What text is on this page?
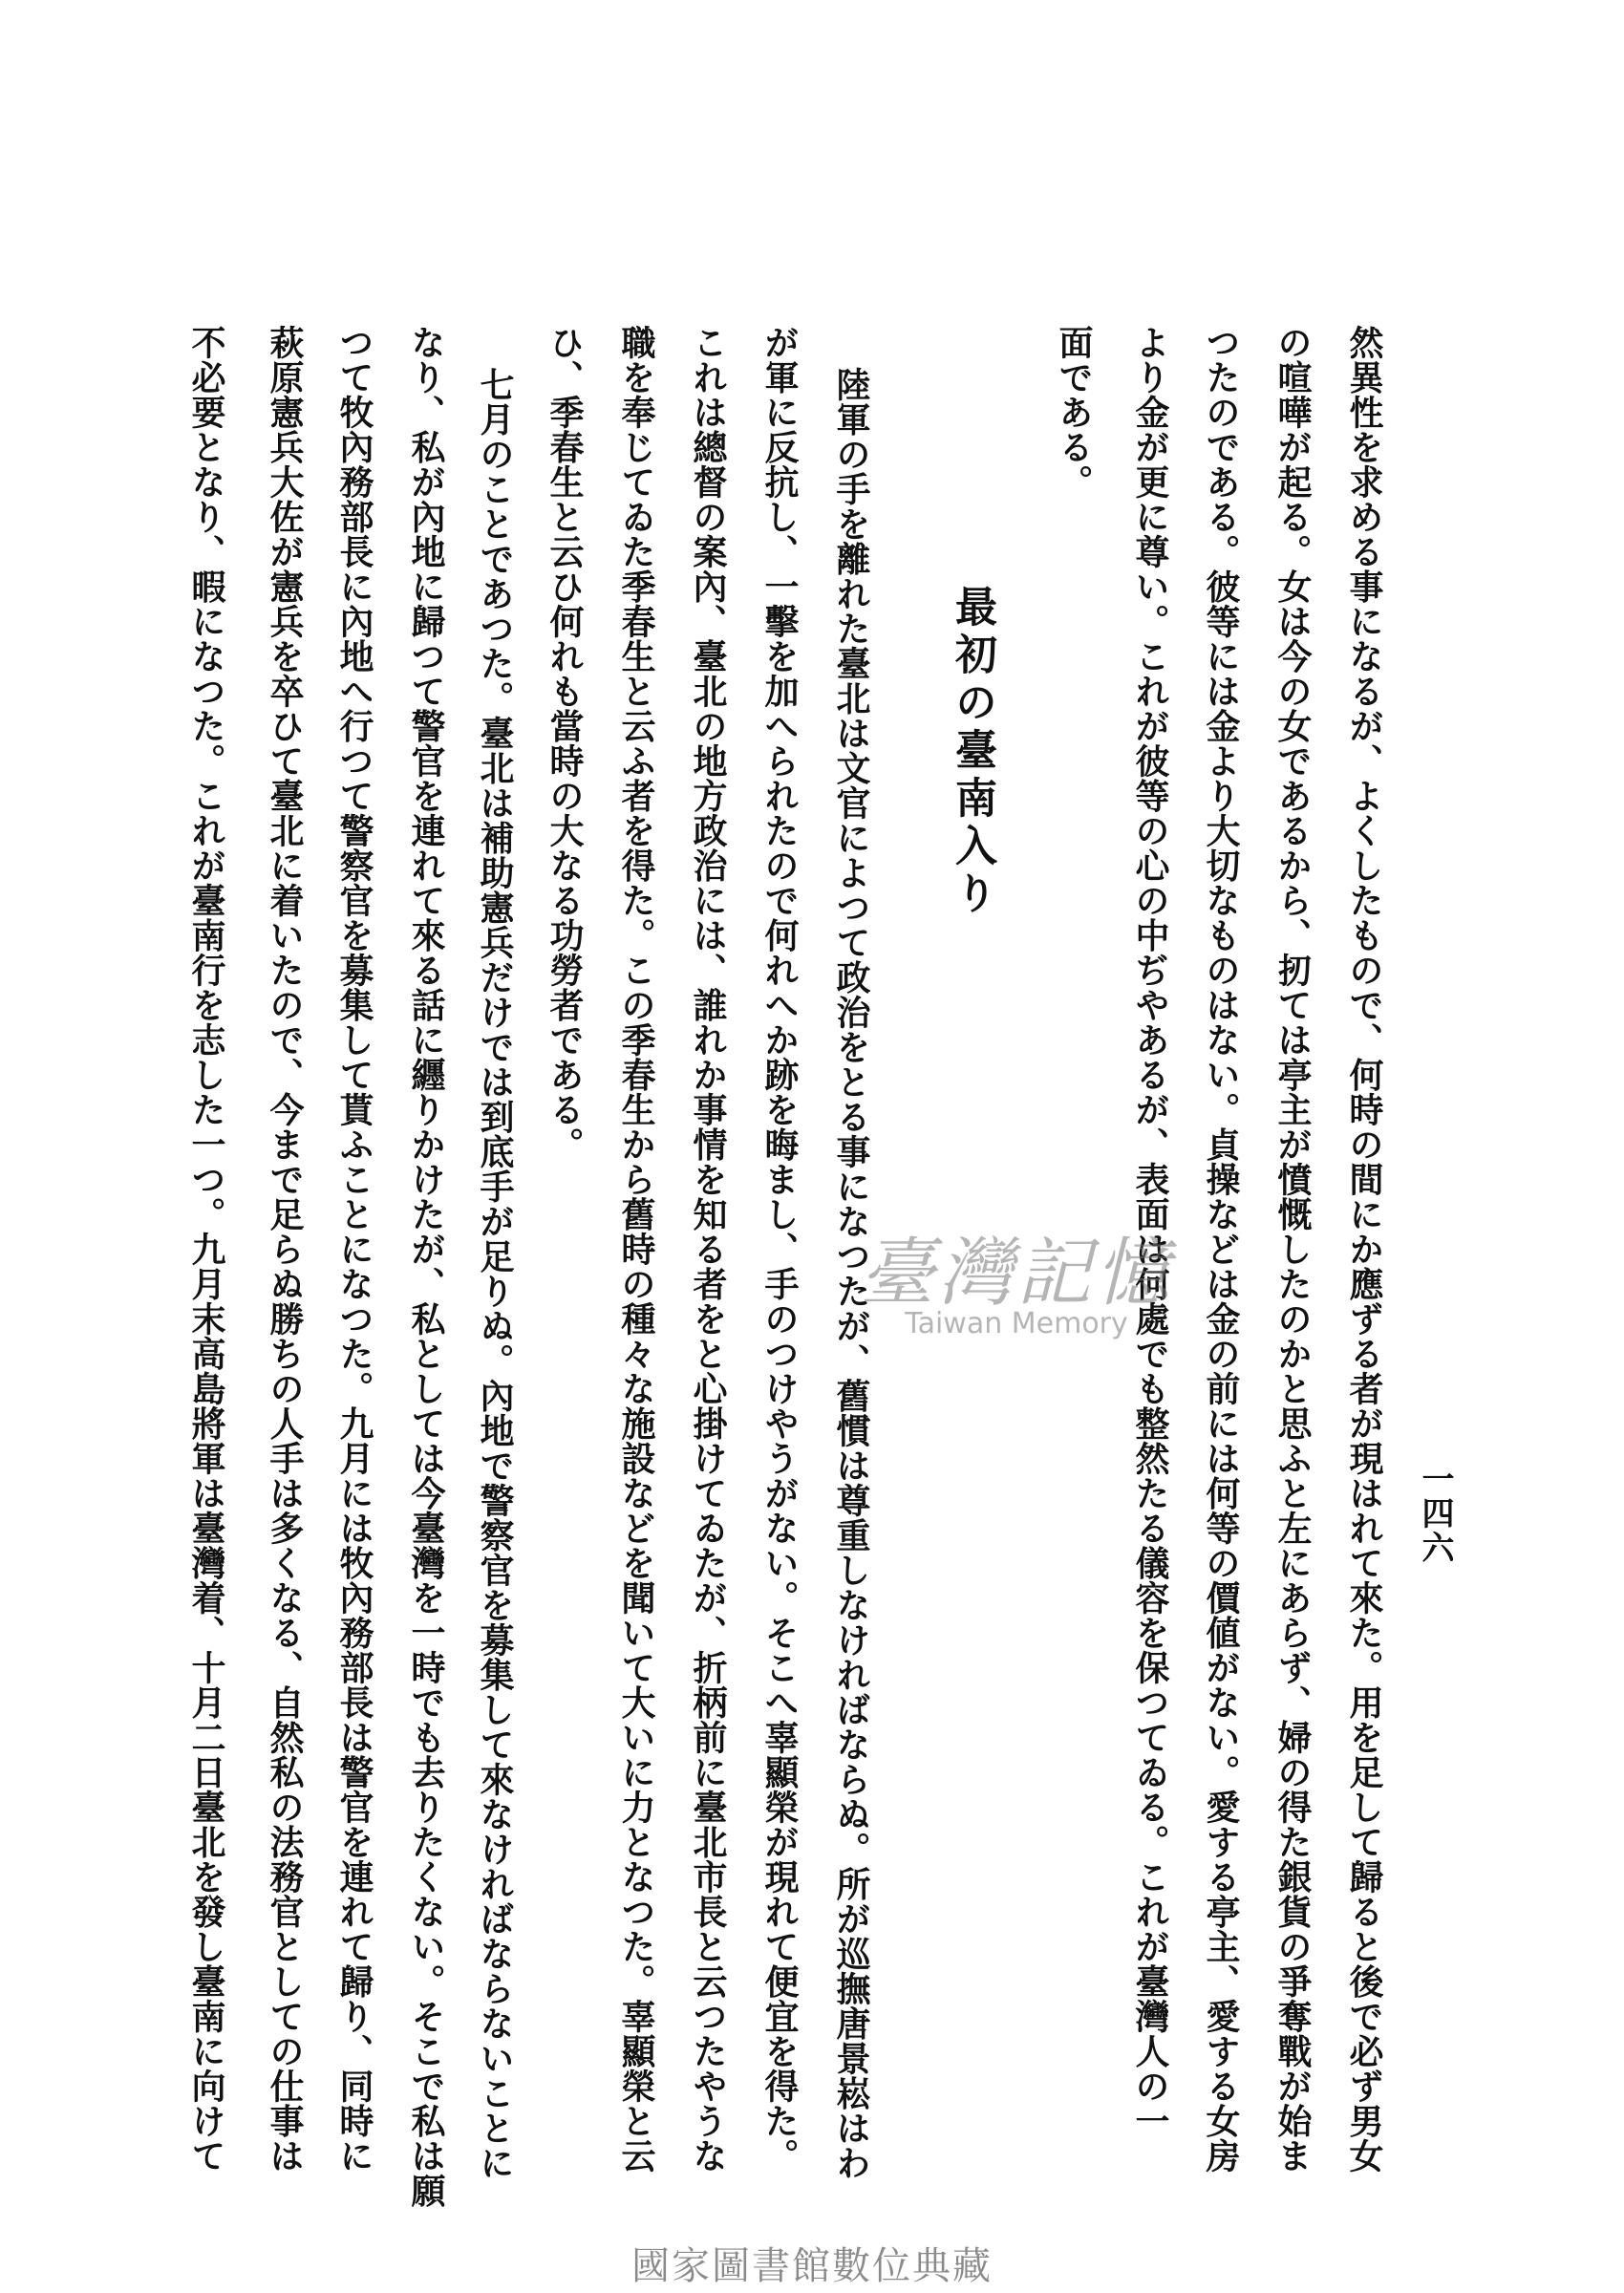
一四六
然異性を求める事になるが、よくしたもので、何時の間にか應ずる者が現はれて來た。用を足して歸ると後で必ず男女
の喧嘩が起る。女は今の女であるから、扨ては亭主が憤慨したのかと思ふと左にあらず、婦の得た銀貨の爭奪戰が始ま
つたのである。彼等には金より大切なものはない。貞操などは金の前には何等の價値がない。愛する亭主、愛する女房
より金が更に尊い。これが彼等の心の中ぢやあるが、表面は何處でも整然たる儀容を保つてゐる。これが臺灣人の一
面である。
最初の臺南入り
陸軍の手を離れた臺北は文官によつて政治をとる事になつたが、舊慣は尊重しなければならぬ。所が巡撫唐景崧はわ
が軍に反抗し、一擊を加へられたので何れへか跡を晦まし、手のつけやうがない。そこへ辜顯榮が現れて便宜を得た。
これは總督の案內、臺北の地方政治には、誰れか事情を知る者をと心掛けてゐたが、折柄前に臺北市長と云つたやうな
職を奉じてゐた季春生と云ふ者を得た。この季春生から舊時の種々な施設などを聞いて大いに力となつた。辜顯榮と云
ひ、季春生と云ひ何れも當時の大なる功勞者である。
七月のことであつた。臺北は補助憲兵だけでは到底手が足りぬ。內地で警察官を募集して來なければならないことに
なり、私が內地に歸つて警官を連れて來る話に纒りかけたが、私としては今臺灣を一時でも去りたくない。そこで私は願
つて牧內務部長に內地へ行つて警察官を募集して貰ふことになつた。九月には牧內務部長は警官を連れて歸り、同時に
萩原憲兵大佐が憲兵を卒ひて臺北に着いたので、今まで足らぬ勝ちの人手は多くなる、自然私の法務官としての仕事は
不必要となり、暇になつた。これが臺南行を志した一つ。九月末高島將軍は臺灣着、十月二日臺北を發し臺南に向けて	臺灣記憶
Taiwan Memory
國家圖書館數位典藏
